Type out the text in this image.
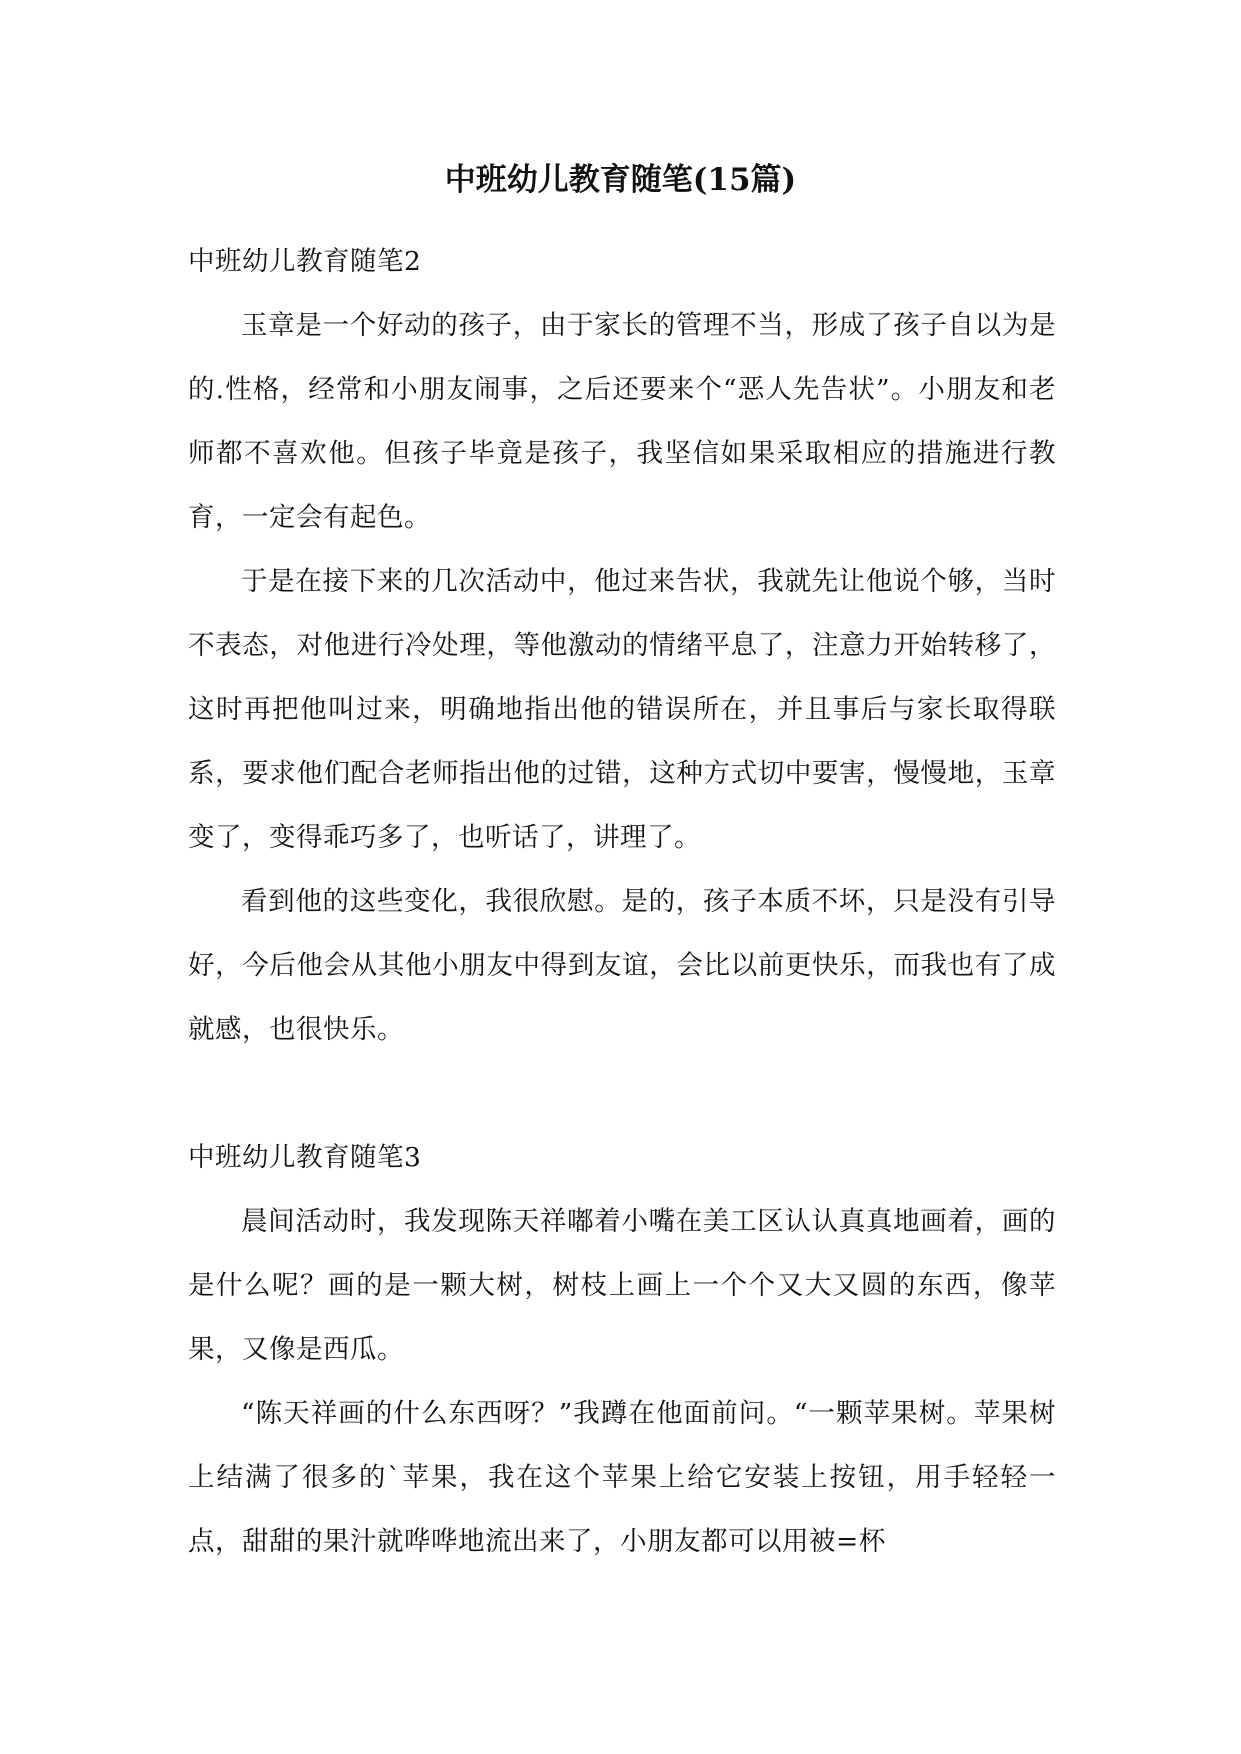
中班幼儿教育随笔(15篇)
中班幼儿教育随笔2

玉章是一个好动的孩子，由于家长的管理不当，形成了孩子自以为是的.性格，经常和小朋友闹事，之后还要来个“恶人先告状”。小朋友和老师都不喜欢他。但孩子毕竟是孩子，我坚信如果采取相应的措施进行教育，一定会有起色。

于是在接下来的几次活动中，他过来告状，我就先让他说个够，当时不表态，对他进行冷处理，等他激动的情绪平息了，注意力开始转移了，这时再把他叫过来，明确地指出他的错误所在，并且事后与家长取得联系，要求他们配合老师指出他的过错，这种方式切中要害，慢慢地，玉章变了，变得乖巧多了，也听话了，讲理了。

看到他的这些变化，我很欣慰。是的，孩子本质不坏，只是没有引导好，今后他会从其他小朋友中得到友谊，会比以前更快乐，而我也有了成就感，也很快乐。

中班幼儿教育随笔3

晨间活动时，我发现陈天祥嘟着小嘴在美工区认认真真地画着，画的是什么呢？画的是一颗大树，树枝上画上一个个又大又圆的东西，像苹果，又像是西瓜。

“陈天祥画的什么东西呀？”我蹲在他面前问。“一颗苹果树。苹果树上结满了很多的`苹果，我在这个苹果上给它安装上按钮，用手轻轻一点，甜甜的果汁就哗哗地流出来了，小朋友都可以用被=杯
